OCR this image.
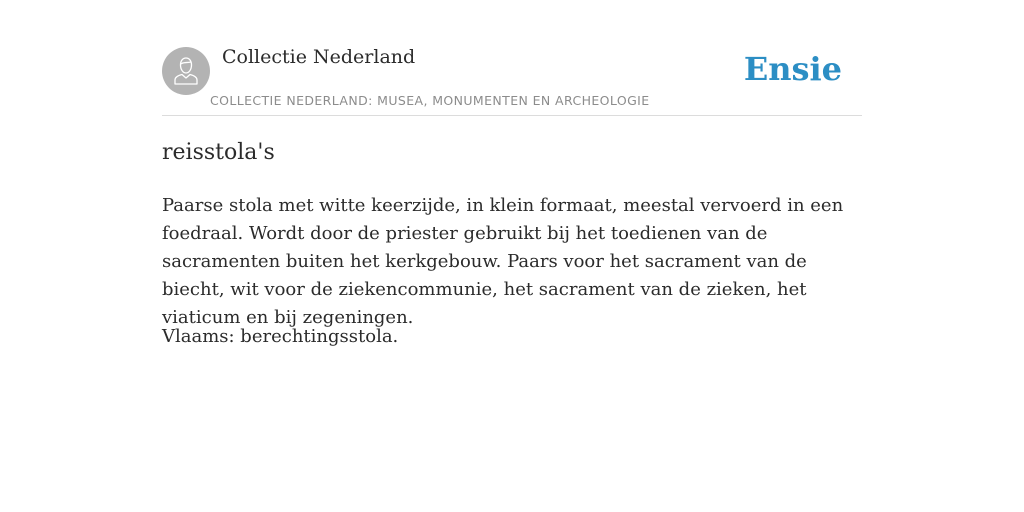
Collectie Nederland
COLLECTIE NEDERLAND: MUSEA, MONUMENTEN EN ARCHEOLOGIE
Ensie
reisstola's

Paarse stola met witte keerzijde, in klein formaat, meestal vervoerd in een foedraal. Wordt door de priester gebruikt bij het toedienen van de sacramenten buiten het kerkgebouw. Paars voor het sacrament van de biecht, wit voor de ziekencommunie, het sacrament van de zieken, het viaticum en bij zegeningen.

Vlaams: berechtingsstola.
